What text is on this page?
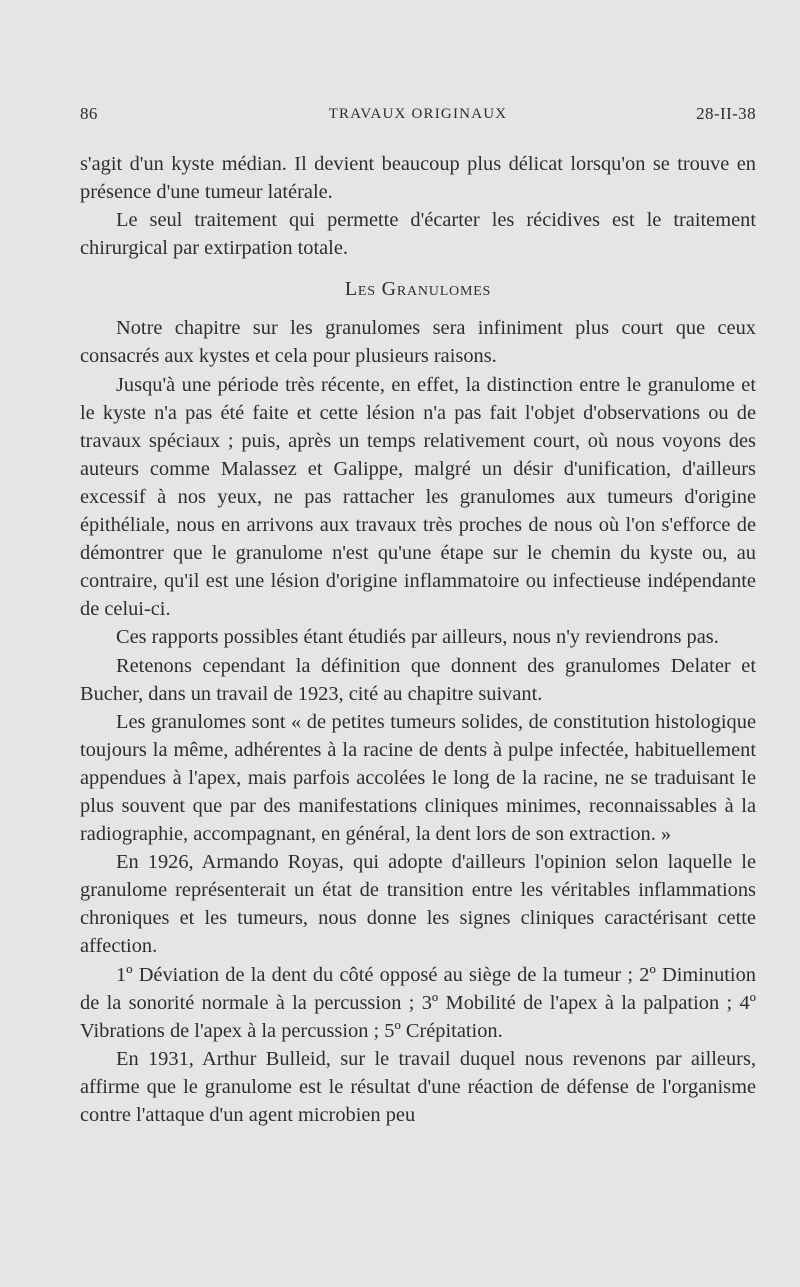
86	TRAVAUX ORIGINAUX	28-II-38

s'agit d'un kyste médian. Il devient beaucoup plus délicat lorsqu'on se trouve en présence d'une tumeur latérale.

Le seul traitement qui permette d'écarter les récidives est le traitement chirurgical par extirpation totale.

Les Granulomes

Notre chapitre sur les granulomes sera infiniment plus court que ceux consacrés aux kystes et cela pour plusieurs raisons.

Jusqu'à une période très récente, en effet, la distinction entre le granulome et le kyste n'a pas été faite et cette lésion n'a pas fait l'objet d'observations ou de travaux spéciaux ; puis, après un temps relativement court, où nous voyons des auteurs comme Malassez et Galippe, malgré un désir d'unification, d'ailleurs excessif à nos yeux, ne pas rattacher les granulomes aux tumeurs d'origine épithéliale, nous en arrivons aux travaux très proches de nous où l'on s'efforce de démontrer que le granulome n'est qu'une étape sur le chemin du kyste ou, au contraire, qu'il est une lésion d'origine inflammatoire ou infectieuse indépendante de celui-ci.

Ces rapports possibles étant étudiés par ailleurs, nous n'y reviendrons pas.

Retenons cependant la définition que donnent des granulomes Delater et Bucher, dans un travail de 1923, cité au chapitre suivant.

Les granulomes sont « de petites tumeurs solides, de constitution histologique toujours la même, adhérentes à la racine de dents à pulpe infectée, habituellement appendues à l'apex, mais parfois accolées le long de la racine, ne se traduisant le plus souvent que par des manifestations cliniques minimes, reconnaissables à la radiographie, accompagnant, en général, la dent lors de son extraction. »

En 1926, Armando Royas, qui adopte d'ailleurs l'opinion selon laquelle le granulome représenterait un état de transition entre les véritables inflammations chroniques et les tumeurs, nous donne les signes cliniques caractérisant cette affection.

1º Déviation de la dent du côté opposé au siège de la tumeur ; 2º Diminution de la sonorité normale à la percussion ; 3º Mobilité de l'apex à la palpation ; 4º Vibrations de l'apex à la percussion ; 5º Crépitation.

En 1931, Arthur Bulleid, sur le travail duquel nous revenons par ailleurs, affirme que le granulome est le résultat d'une réaction de défense de l'organisme contre l'attaque d'un agent microbien peu
